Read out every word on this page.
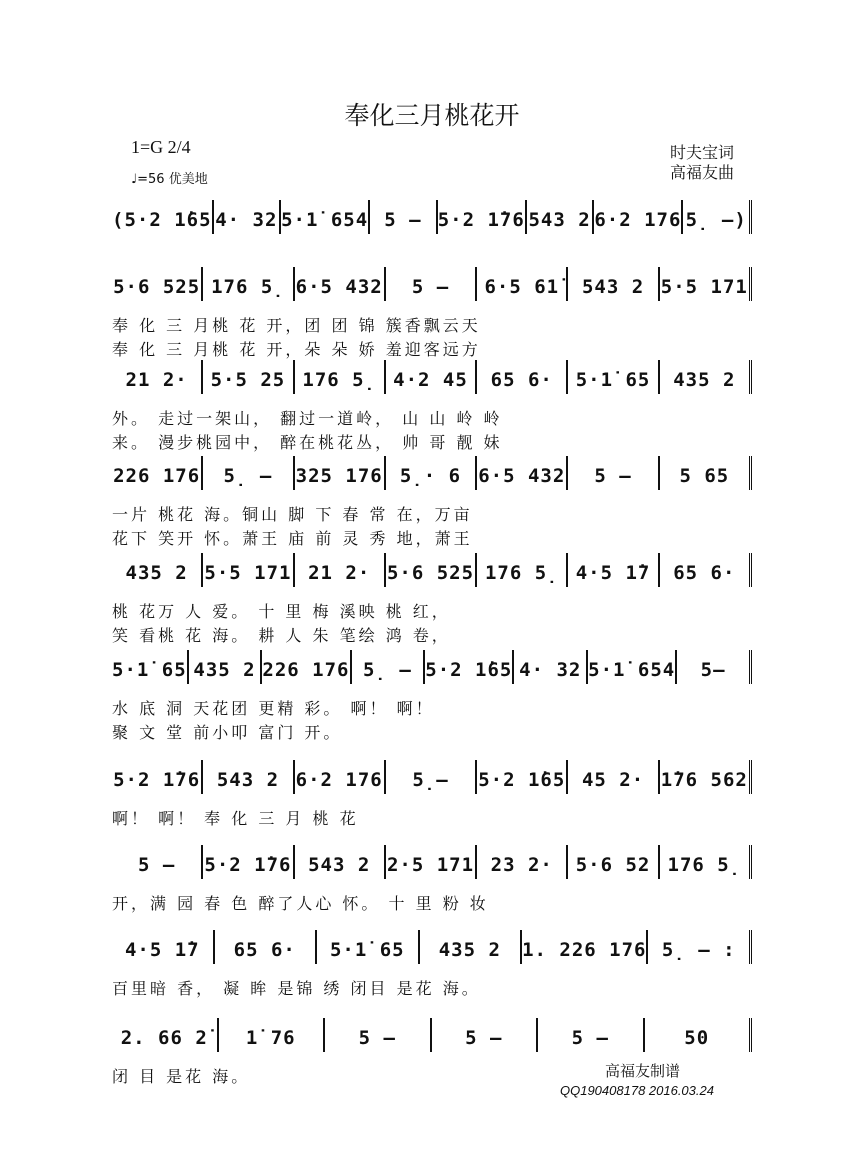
奉化三月桃花开
1=G 2/4
♩=56 优美地
时夫宝词
高福友曲
(5·2 1̇65 4· 32 5·1̇ 654 5 – 5·2 1̇76 543 2 6·2 176 5̣ –)
5·6 525 176 5̣ 6·5 432	5 –	6·5 61̇	543 2 5·5 171
奉 化 三 月桃 花 开，团 团 锦 簇香飘云天
奉 化 三 月桃 花 开，朵 朵 娇 羞迎客远方
21 2·	5·5 25 176 5̣ 4·2 45	65 6·	5·1̇ 65	435 2
外。 走过一架山， 翻过一道岭， 山 山 岭 岭
来。 漫步桃园中， 醉在桃花丛， 帅 哥 靓 妹
226 176	5̣ –	325 176 5̣· 6 6·5 432	5 –	5 65
一片 桃花 海。铜山 脚 下 春 常 在，万亩
花下 笑开 怀。萧王 庙 前 灵 秀 地，萧王
435 2 5·5 171 21 2· 5·6 525 176 5̣ 4·5 1̇7	65 6·
桃 花万 人 爱。 十 里 梅 溪映 桃 红，
笑 看桃 花 海。 耕 人 朱 笔绘 鸿 卷，
5·1̇ 65 435 2 226 176 5̣ – 5·2 1̇65 4· 32 5·1̇ 654	5–
水 底 洞 天花团 更精 彩。 啊！ 啊！
聚 文 堂 前小叩 富门 开。
5·2 1̇76 543 2 6·2 176	5̣–	5·2 1̇65 45 2· 1̇76 562
啊！ 啊！ 奉 化 三 月 桃 花
5 –	5·2 1̇76 543 2 2·5 171 23 2·	5·6 52 176 5̣
开，满 园 春 色 醉了人心 怀。 十 里 粉 妆
4·5 1̇7	65 6·	5·1̇ 65	435 2	1. 226 176 5̣ – :
百里暗 香， 凝 眸 是锦 绣 闭目 是花 海。
2. 66 2̇	1̇ 76	5 –	5 –	5 –	50
闭 目 是花 海。	高福友制谱
QQ190408178 2016.03.24
